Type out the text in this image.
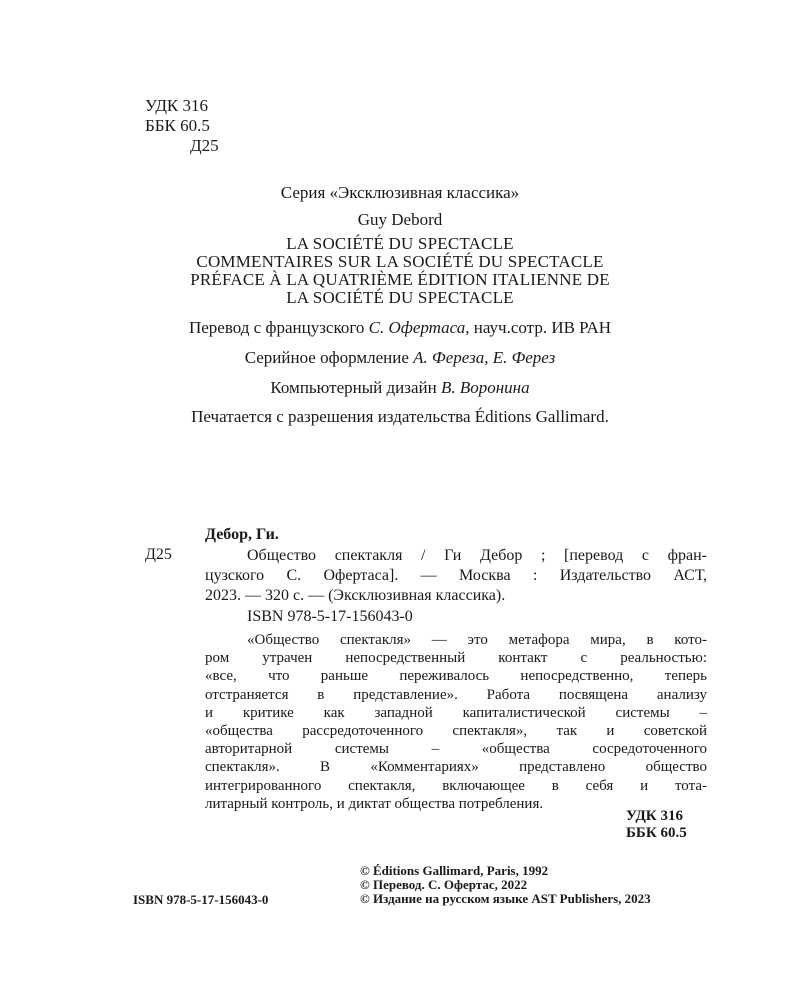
УДК 316
ББК 60.5
Д25
Серия «Эксклюзивная классика»
Guy Debord
LA SOCIÉTÉ DU SPECTACLE
COMMENTAIRES SUR LA SOCIÉTÉ DU SPECTACLE
PRÉFACE À LA QUATRIÈME ÉDITION ITALIENNE DE
LA SOCIÉTÉ DU SPECTACLE
Перевод с французского С. Офертаса, науч.сотр. ИВ РАН
Серийное оформление А. Фереза, Е. Ферез
Компьютерный дизайн В. Воронина
Печатается с разрешения издательства Éditions Gallimard.
Дебор, Ги.
Д25	Общество спектакля / Ги Дебор ; [перевод с фран-
цузского С. Офертаса]. — Москва : Издательство АСТ,
2023. — 320 с. — (Эксклюзивная классика).
ISBN 978-5-17-156043-0
«Общество спектакля» — это метафора мира, в кото-
ром утрачен непосредственный контакт с реальностью:
«все, что раньше переживалось непосредственно, теперь
отстраняется в представление». Работа посвящена анализу
и критике как западной капиталистической системы –
«общества рассредоточенного спектакля», так и советской
авторитарной системы – «общества сосредоточенного
спектакля». В «Комментариях» представлено общество
интегрированного спектакля, включающее в себя и тота-
литарный контроль, и диктат общества потребления.
УДК 316
ББК 60.5
© Éditions Gallimard, Paris, 1992
© Перевод. С. Офертас, 2022
© Издание на русском языке AST Publishers, 2023
ISBN 978-5-17-156043-0
